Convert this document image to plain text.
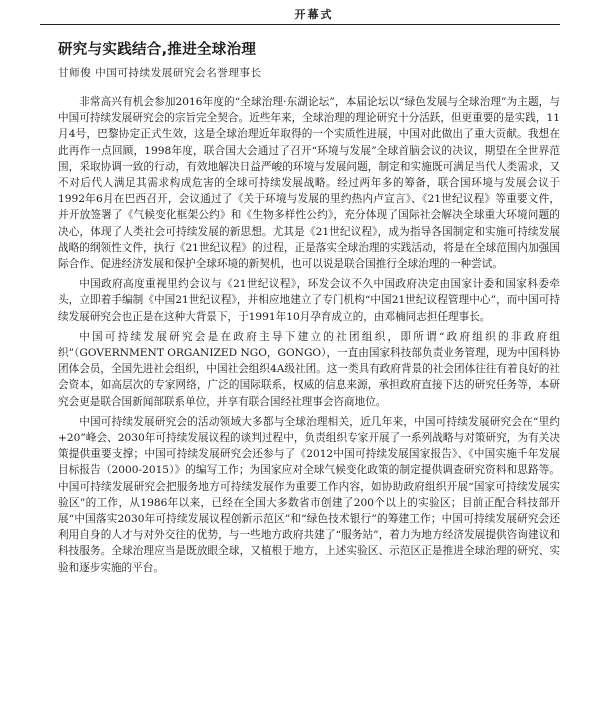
开幕式
研究与实践结合,推进全球治理
甘师俊 中国可持续发展研究会名誉理事长

非常高兴有机会参加2016年度的“全球治理·东湖论坛”，本届论坛以“绿色发展与全球治理”为主题，与中国可持续发展研究会的宗旨完全契合。近些年来，全球治理的理论研究十分活跃，但更重要的是实践，11月4号，巴黎协定正式生效，这是全球治理近年取得的一个实质性进展，中国对此做出了重大贡献。我想在此再作一点回顾，1998年度，联合国大会通过了召开“环境与发展”全球首脑会议的决议，期望在全世界范围，采取协调一致的行动，有效地解决日益严峻的环境与发展问题，制定和实施既可满足当代人类需求，又不对后代人满足其需求构成危害的全球可持续发展战略。经过两年多的筹备，联合国环境与发展会议于1992年6月在巴西召开，会议通过了《关于环境与发展的里约热内卢宣言》、《21世纪议程》等重要文件，并开放签署了《气候变化框架公约》和《生物多样性公约》，充分体现了国际社会解决全球重大环境问题的决心，体现了人类社会可持续发展的新思想。尤其是《21世纪议程》，成为指导各国制定和实施可持续发展战略的纲领性文件，执行《21世纪议程》的过程，正是落实全球治理的实践活动，将是在全球范围内加强国际合作、促进经济发展和保护全球环境的新契机，也可以说是联合国推行全球治理的一种尝试。

中国政府高度重视里约会议与《21世纪议程》，环发会议不久中国政府决定由国家计委和国家科委牵头，立即着手编制《中国21世纪议程》，并相应地建立了专门机构“中国21世纪议程管理中心”，而中国可持续发展研究会也正是在这种大背景下，于1991年10月孕育成立的，由邓楠同志担任理事长。

中国可持续发展研究会是在政府主导下建立的社团组织，即所谓“政府组织的非政府组织”（GOVERNMENT ORGANIZED NGO，GONGO），一直由国家科技部负责业务管理，现为中国科协团体会员，全国先进社会组织，中国社会组织4A级社团。这一类具有政府背景的社会团体往往有着良好的社会资本，如高层次的专家网络，广泛的国际联系，权威的信息来源，承担政府直接下达的研究任务等，本研究会更是联合国新闻部联系单位，并享有联合国经社理事会咨商地位。

中国可持续发展研究会的活动领域大多都与全球治理相关，近几年来，中国可持续发展研究会在“里约+20”峰会、2030年可持续发展议程的谈判过程中，负责组织专家开展了一系列战略与对策研究，为有关决策提供重要支撑；中国可持续发展研究会还参与了《2012中国可持续发展国家报告》、《中国实施千年发展目标报告（2000-2015）》的编写工作；为国家应对全球气候变化政策的制定提供调查研究资料和思路等。中国可持续发展研究会把服务地方可持续发展作为重要工作内容，如协助政府组织开展“国家可持续发展实验区”的工作，从1986年以来，已经在全国大多数省市创建了200个以上的实验区；目前正配合科技部开展“中国落实2030年可持续发展议程创新示范区”和“绿色技术银行”的筹建工作；中国可持续发展研究会还利用自身的人才与对外交往的优势，与一些地方政府共建了“服务站”，着力为地方经济发展提供咨询建议和科技服务。全球治理应当是既放眼全球，又植根于地方，上述实验区、示范区正是推进全球治理的研究、实验和逐步实施的平台。
